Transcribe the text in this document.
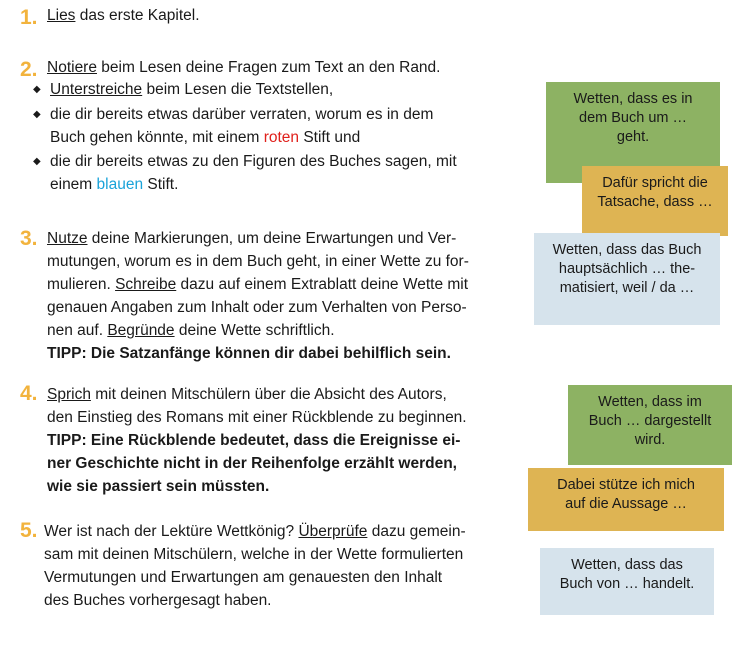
1. Lies das erste Kapitel.
2. Notiere beim Lesen deine Fragen zum Text an den Rand.
◆ Unterstreiche beim Lesen die Textstellen,
◆ die dir bereits etwas darüber verraten, worum es in dem
Buch gehen könnte, mit einem roten Stift und
◆ die dir bereits etwas zu den Figuren des Buches sagen, mit
einem blauen Stift.
3. Nutze deine Markierungen, um deine Erwartungen und Ver-
mutungen, worum es in dem Buch geht, in einer Wette zu for-
mulieren. Schreibe dazu auf einem Extrablatt deine Wette mit
genauen Angaben zum Inhalt oder zum Verhalten von Perso-
nen auf. Begründe deine Wette schriftlich.
TIPP: Die Satzanfänge können dir dabei behilflich sein.
4. Sprich mit deinen Mitschülern über die Absicht des Autors,
den Einstieg des Romans mit einer Rückblende zu beginnen.
TIPP: Eine Rückblende bedeutet, dass die Ereignisse ei-
ner Geschichte nicht in der Reihenfolge erzählt werden,
wie sie passiert sein müssten.
5. Wer ist nach der Lektüre Wettkönig? Überprüfe dazu gemein-
sam mit deinen Mitschülern, welche in der Wette formulierten
Vermutungen und Erwartungen am genauesten den Inhalt
des Buches vorhergesagt haben.
Wetten, dass es in
dem Buch um …
geht.
Dafür spricht die
Tatsache, dass …
Wetten, dass das Buch
hauptsächlich … the-
matisiert, weil / da …
Wetten, dass im
Buch … dargestellt
wird.
Dabei stütze ich mich
auf die Aussage …
Wetten, dass das
Buch von … handelt.
